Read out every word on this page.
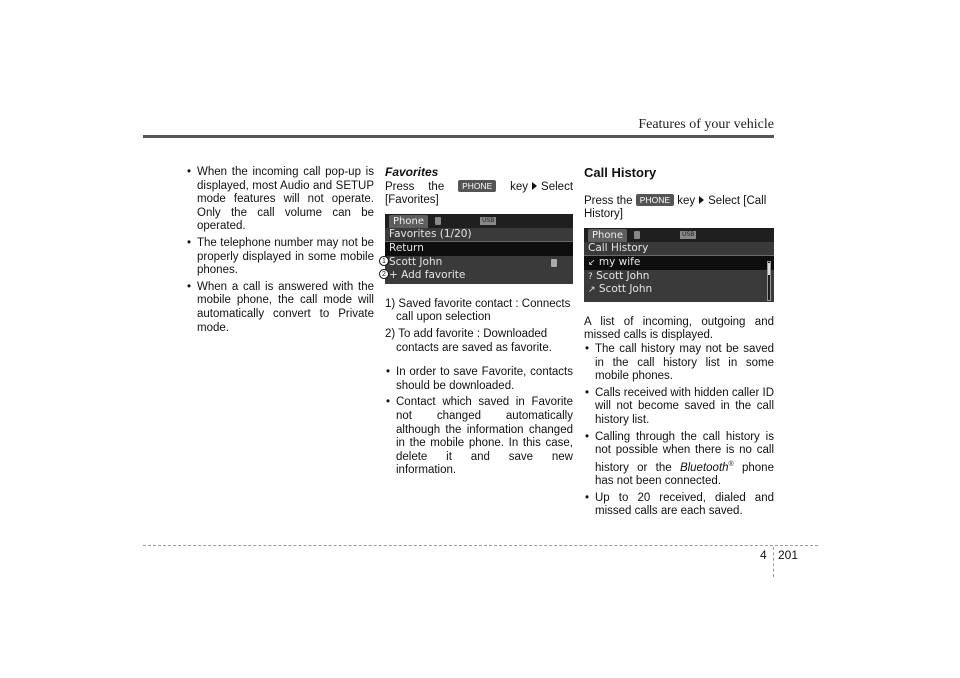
Features of your vehicle
• When the incoming call pop-up is displayed, most Audio and SETUP mode features will not operate. Only the call volume can be operated.
• The telephone number may not be properly displayed in some mobile phones.
• When a call is answered with the mobile phone, the call mode will automatically convert to Private mode.
Favorites
Press the PHONE key Select [Favorites]
Phone	USB
Favorites (1/20)
Return
Scott John
+ Add favorite
1
2
1) Saved favorite contact : Connects call upon selection
2) To add favorite : Downloaded contacts are saved as favorite.
• In order to save Favorite, contacts should be downloaded.
• Contact which saved in Favorite not changed automatically although the information changed in the mobile phone. In this case, delete it and save new information.
Call History
Press the PHONE key Select [Call History]
Phone	USB
Call History
↙ my wife
? Scott John
↗ Scott John
A list of incoming, outgoing and missed calls is displayed.
• The call history may not be saved in the call history list in some mobile phones.
• Calls received with hidden caller ID will not become saved in the call history list.
• Calling through the call history is not possible when there is no call history or the Bluetooth® phone has not been connected.
• Up to 20 received, dialed and missed calls are each saved.
4 201
